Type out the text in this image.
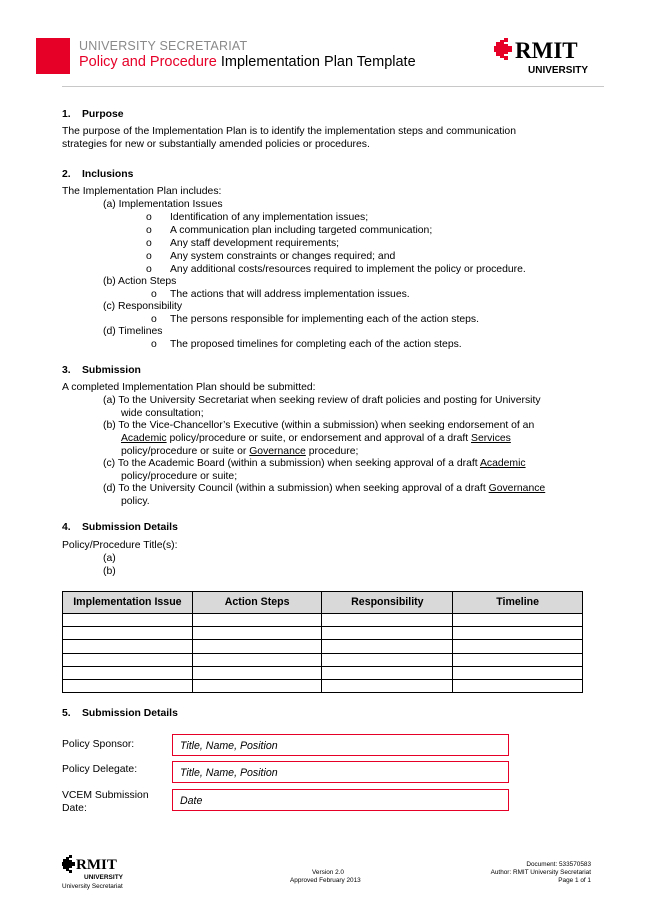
UNIVERSITY SECRETARIAT
Policy and Procedure Implementation Plan Template	RMIT
UNIVERSITY
1. Purpose
The purpose of the Implementation Plan is to identify the implementation steps and communication
strategies for new or substantially amended policies or procedures.
2. Inclusions
The Implementation Plan includes:
(a) Implementation Issues
o Identification of any implementation issues;
o A communication plan including targeted communication;
o Any staff development requirements;
o Any system constraints or changes required; and
o Any additional costs/resources required to implement the policy or procedure.
(b) Action Steps
o The actions that will address implementation issues.
(c) Responsibility
o The persons responsible for implementing each of the action steps.
(d) Timelines
o The proposed timelines for completing each of the action steps.
3. Submission
A completed Implementation Plan should be submitted:
(a) To the University Secretariat when seeking review of draft policies and posting for University
wide consultation;
(b) To the Vice-Chancellor’s Executive (within a submission) when seeking endorsement of an
Academic policy/procedure or suite, or endorsement and approval of a draft Services
policy/procedure or suite or Governance procedure;
(c) To the Academic Board (within a submission) when seeking approval of a draft Academic
policy/procedure or suite;
(d) To the University Council (within a submission) when seeking approval of a draft Governance
policy.
4. Submission Details
Policy/Procedure Title(s):
(a)
(b)
Implementation Issue	Action Steps	Responsibility	Timeline

5. Submission Details
Policy Sponsor:	Title, Name, Position
Policy Delegate:	Title, Name, Position
VCEM Submission
Date:
Date
RMIT
UNIVERSITY
University Secretariat
Version 2.0
Approved February 2013
Document: 533570583
Author: RMIT University Secretariat
Page 1 of 1
